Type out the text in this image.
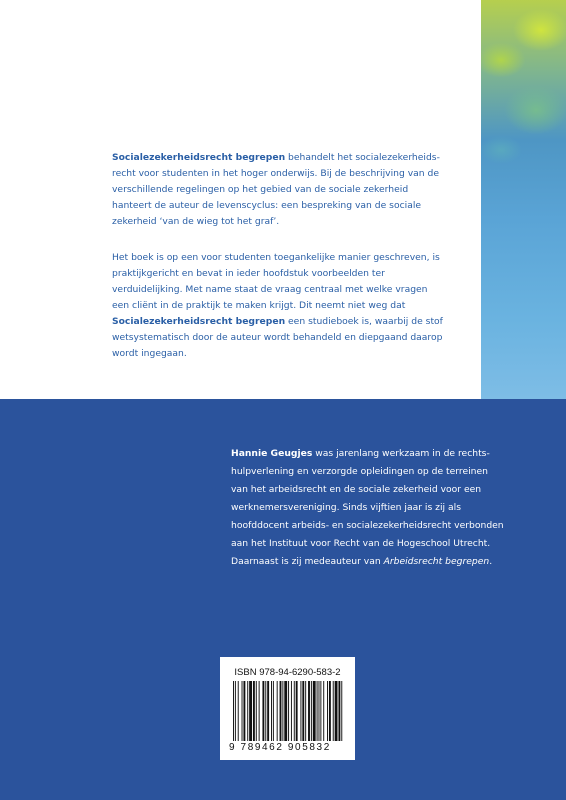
Socialezekerheidsrecht begrepen behandelt het socialezekerheids-recht voor studenten in het hoger onderwijs. Bij de beschrijving van de verschillende regelingen op het gebied van de sociale zekerheid hanteert de auteur de levenscyclus: een bespreking van de sociale zekerheid ‘van de wieg tot het graf’.

Het boek is op een voor studenten toegankelijke manier geschreven, is praktijkgericht en bevat in ieder hoofdstuk voorbeelden ter verduidelijking. Met name staat de vraag centraal met welke vragen een cliënt in de praktijk te maken krijgt. Dit neemt niet weg dat Socialezekerheidsrecht begrepen een studieboek is, waarbij de stof wetsystematisch door de auteur wordt behandeld en diepgaand daarop wordt ingegaan.

Hannie Geugjes was jarenlang werkzaam in de rechts-hulpverlening en verzorgde opleidingen op de terreinen van het arbeidsrecht en de sociale zekerheid voor een werknemersvereniging. Sinds vijftien jaar is zij als hoofddocent arbeids- en socialezekerheidsrecht verbonden aan het Instituut voor Recht van de Hogeschool Utrecht. Daarnaast is zij medeauteur van Arbeidsrecht begrepen.

ISBN 978-94-6290-583-2
9 789462 905832
